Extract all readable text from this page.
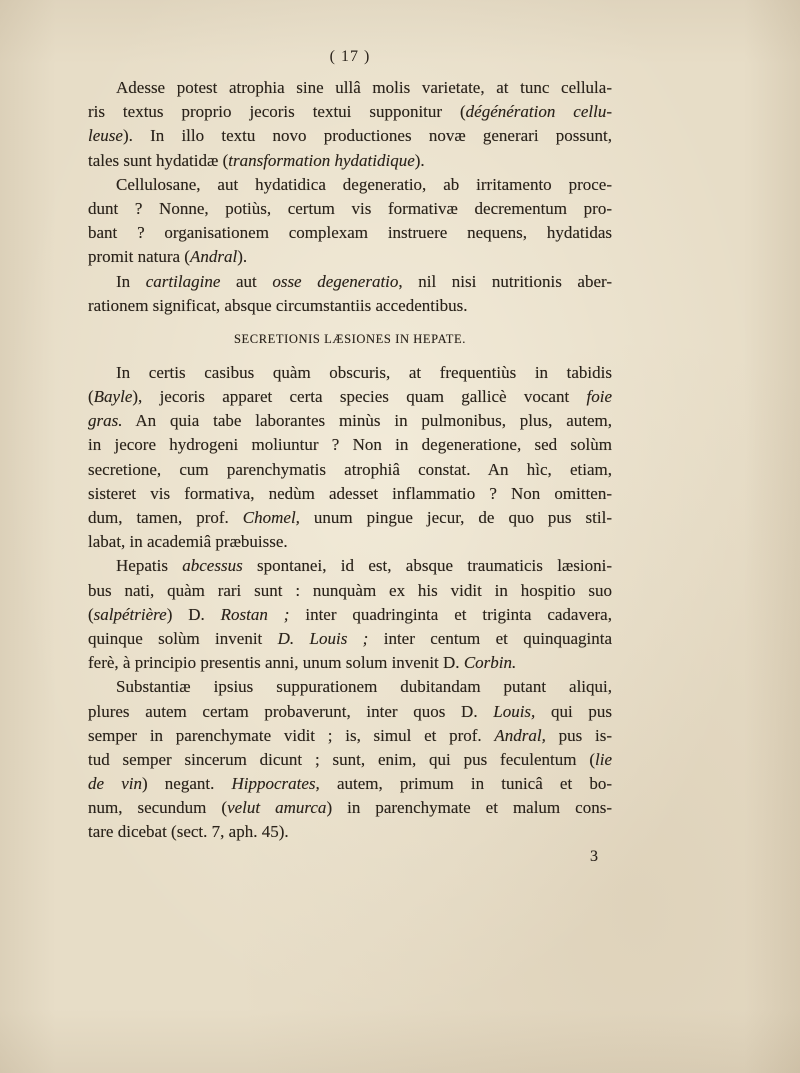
( 17 )
Adesse potest atrophia sine ullâ molis varietate, at tunc cellula-
ris textus proprio jecoris textui supponitur (dégénération cellu-
leuse). In illo textu novo productiones novæ generari possunt,
tales sunt hydatidæ (transformation hydatidique).
Cellulosane, aut hydatidica degeneratio, ab irritamento proce-
dunt ? Nonne, potiùs, certum vis formativæ decrementum pro-
bant ? organisationem complexam instruere nequens, hydatidas
promit natura (Andral).
In cartilagine aut osse degeneratio, nil nisi nutritionis aber-
rationem significat, absque circumstantiis accedentibus.
SECRETIONIS LÆSIONES IN HEPATE.
In certis casibus quàm obscuris, at frequentiùs in tabidis
(Bayle), jecoris apparet certa species quam gallicè vocant foie
gras. An quia tabe laborantes minùs in pulmonibus, plus, autem,
in jecore hydrogeni moliuntur ? Non in degeneratione, sed solùm
secretione, cum parenchymatis atrophiâ constat. An hìc, etiam,
sisteret vis formativa, nedùm adesset inflammatio ? Non omitten-
dum, tamen, prof. Chomel, unum pingue jecur, de quo pus stil-
labat, in academiâ præbuisse.
Hepatis abcessus spontanei, id est, absque traumaticis læsioni-
bus nati, quàm rari sunt : nunquàm ex his vidit in hospitio suo
(salpétrière) D. Rostan ; inter quadringinta et triginta cadavera,
quinque solùm invenit D. Louis ; inter centum et quinquaginta
ferè, à principio presentis anni, unum solum invenit D. Corbin.
Substantiæ ipsius suppurationem dubitandam putant aliqui,
plures autem certam probaverunt, inter quos D. Louis, qui pus
semper in parenchymate vidit ; is, simul et prof. Andral, pus is-
tud semper sincerum dicunt ; sunt, enim, qui pus feculentum (lie
de vin) negant. Hippocrates, autem, primum in tunicâ et bo-
num, secundum (velut amurca) in parenchymate et malum cons-
tare dicebat (sect. 7, aph. 45).
3
